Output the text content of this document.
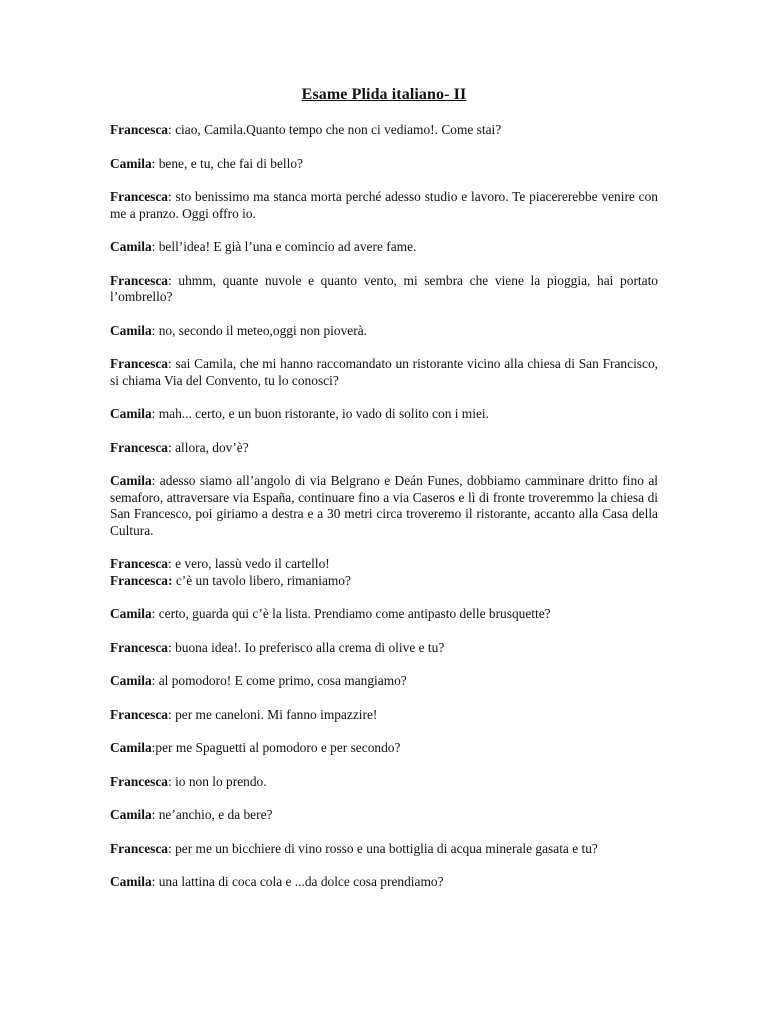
Esame Plida italiano- II

Francesca: ciao, Camila.Quanto tempo che non ci vediamo!. Come stai?

Camila: bene, e tu, che fai di bello?

Francesca: sto benissimo ma stanca morta perché adesso studio e lavoro. Te piacererebbe venire con me a pranzo. Oggi offro io.

Camila: bell’idea! E già l’una e comincio ad avere fame.

Francesca: uhmm, quante nuvole e quanto vento, mi sembra che viene la pioggia, hai portato l’ombrello?

Camila: no, secondo il meteo,oggi non pioverà.

Francesca: sai Camila, che mi hanno raccomandato un ristorante vicino alla chiesa di San Francisco, si chiama Via del Convento, tu lo conosci?

Camila: mah... certo, e un buon ristorante, io vado di solito con i miei.

Francesca: allora, dov’è?

Camila: adesso siamo all’angolo di via Belgrano e Deán Funes, dobbiamo camminare dritto fino al semaforo, attraversare via España, continuare fino a via Caseros e lì di fronte troveremmo la chiesa di San Francesco, poi giriamo a destra e a 30 metri circa troveremo il ristorante, accanto alla Casa della Cultura.

Francesca: e vero, lassù vedo il cartello!
Francesca: c’è un tavolo libero, rimaniamo?

Camila: certo, guarda qui c’è la lista. Prendiamo come antipasto delle brusquette?

Francesca: buona idea!. Io preferisco alla crema di olive e tu?

Camila: al pomodoro! E come primo, cosa mangiamo?

Francesca: per me caneloni. Mi fanno impazzire!

Camila:per me Spaguetti al pomodoro e per secondo?

Francesca: io non lo prendo.

Camila: ne’anchio, e da bere?

Francesca: per me un bicchiere di vino rosso e una bottiglia di acqua minerale gasata e tu?

Camila: una lattina di coca cola e ...da dolce cosa prendiamo?
